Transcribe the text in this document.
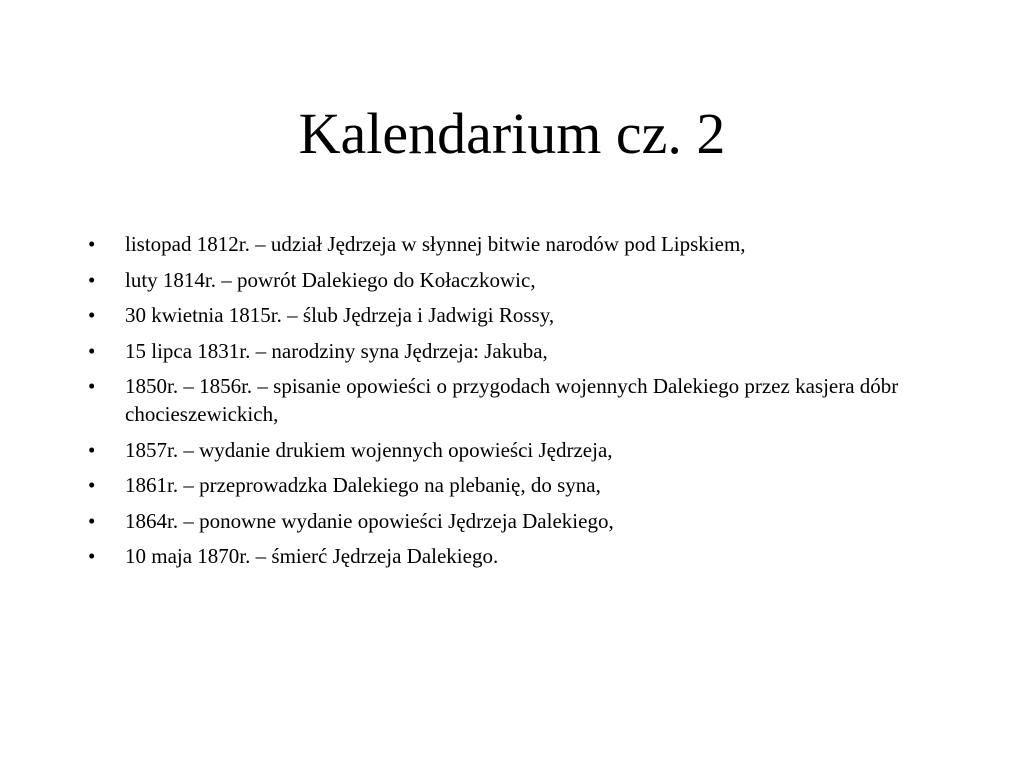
Kalendarium cz. 2
•	listopad 1812r. – udział Jędrzeja w słynnej bitwie narodów pod Lipskiem,
•	luty 1814r. – powrót Dalekiego do Kołaczkowic,
•	30 kwietnia 1815r. – ślub Jędrzeja i Jadwigi Rossy,
•	15 lipca 1831r. – narodziny syna Jędrzeja: Jakuba,
•	1850r. – 1856r. – spisanie opowieści o przygodach wojennych Dalekiego przez kasjera dóbr chocieszewickich,
•	1857r. – wydanie drukiem wojennych opowieści Jędrzeja,
•	1861r. – przeprowadzka Dalekiego na plebanię, do syna,
•	1864r. – ponowne wydanie opowieści Jędrzeja Dalekiego,
•	10 maja 1870r. – śmierć Jędrzeja Dalekiego.
